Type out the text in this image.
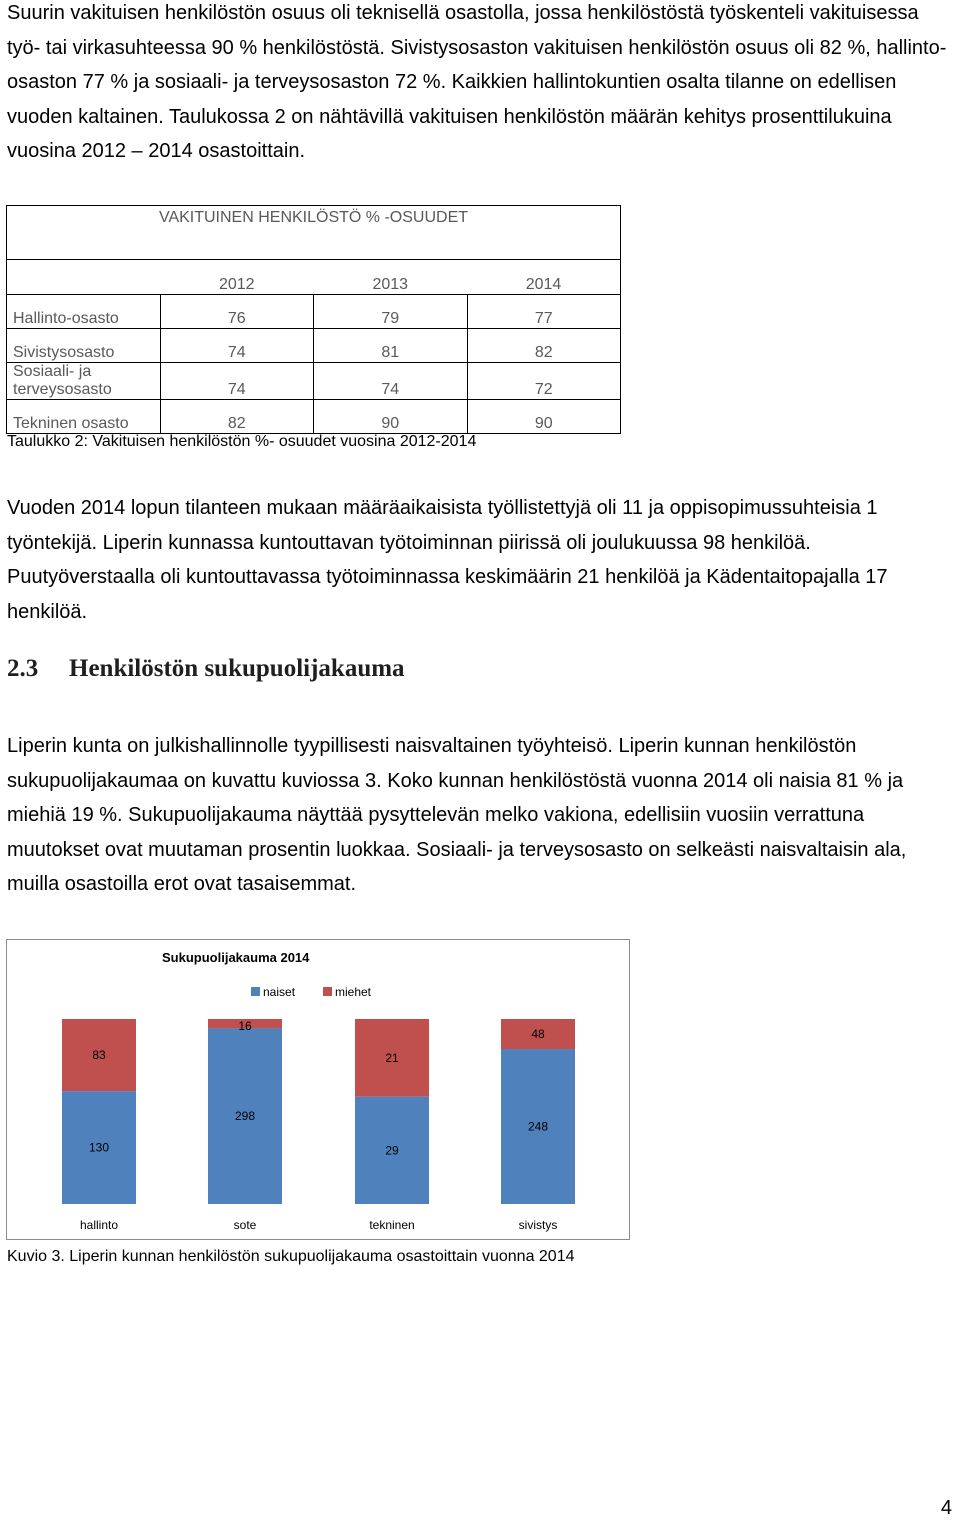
Suurin vakituisen henkilöstön osuus oli teknisellä osastolla, jossa henkilöstöstä työskenteli vakituisessa työ- tai virkasuhteessa 90 % henkilöstöstä. Sivistysosaston vakituisen henkilöstön osuus oli 82 %, hallinto-osaston 77 % ja sosiaali- ja terveysosaston 72 %. Kaikkien hallintokuntien osalta tilanne on edellisen vuoden kaltainen. Taulukossa 2 on nähtävillä vakituisen henkilöstön määrän kehitys prosenttilukuina vuosina 2012 – 2014 osastoittain.

VAKITUINEN HENKILÖSTÖ % -OSUUDET			
	2012	2013	2014
Hallinto-osasto	76	79	77
Sivistysosasto	74	81	82
Sosiaali- ja terveysosasto	74	74	72
Tekninen osasto	82	90	90

Taulukko 2: Vakituisen henkilöstön %- osuudet vuosina 2012-2014

Vuoden 2014 lopun tilanteen mukaan määräaikaisista työllistettyjä oli 11 ja oppisopimussuhteisia 1 työntekijä. Liperin kunnassa kuntouttavan työtoiminnan piirissä oli joulukuussa 98 henkilöä. Puutyöverstaalla oli kuntouttavassa työtoiminnassa keskimäärin 21 henkilöä ja Kädentaitopajalla 17 henkilöä.

2.3 Henkilöstön sukupuolijakauma

Liperin kunta on julkishallinnolle tyypillisesti naisvaltainen työyhteisö. Liperin kunnan henkilöstön sukupuolijakaumaa on kuvattu kuviossa 3. Koko kunnan henkilöstöstä vuonna 2014 oli naisia 81 % ja miehiä 19 %. Sukupuolijakauma näyttää pysyttelevän melko vakiona, edellisiin vuosiin verrattuna muutokset ovat muutaman prosentin luokkaa. Sosiaali- ja terveysosasto on selkeästi naisvaltaisin ala, muilla osastoilla erot ovat tasaisemmat.

Sukupuolijakauma 2014
naiset	miehet
130
83
hallinto
298
16
sote
29
21
tekninen
248
48
sivistys

Kuvio 3. Liperin kunnan henkilöstön sukupuolijakauma osastoittain vuonna 2014

4
